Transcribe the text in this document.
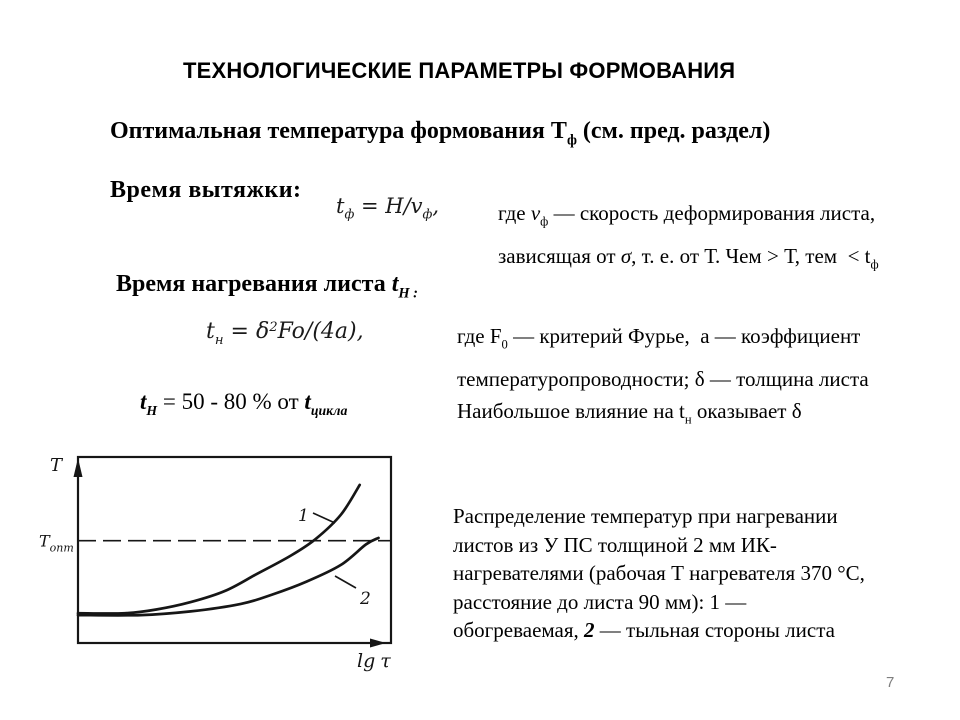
ТЕХНОЛОГИЧЕСКИЕ ПАРАМЕТРЫ ФОРМОВАНИЯ
Оптимальная температура формования $Т_ф$ (см. пред. раздел)
Время вытяжки:
$t_ф = H/v_ф$,	где $v_ф$ — скорость деформирования листа,
зависящая от σ, т. е. от Т. Чем > Т, тем  < $t_ф$
Время нагревания листа $t_{Н :}$
$t_н = \delta^2Fo/(4a)$,	где $F_0$ — критерий Фурье,  а — коэффициент
температуропроводности; δ — толщина листа
$t_Н = 50 - 80$ % от $t_{цикла}$	Наибольшое влияние на $t_н$ оказывает δ
T
$T_{опт}$
lg τ
1
2
Распределение температур при нагревании
листов из У ПС толщиной 2 мм ИК-
нагревателями (рабочая Т нагревателя 370 °С,
расстояние до листа 90 мм): 1 —
обогреваемая, 2 — тыльная стороны листа
7
